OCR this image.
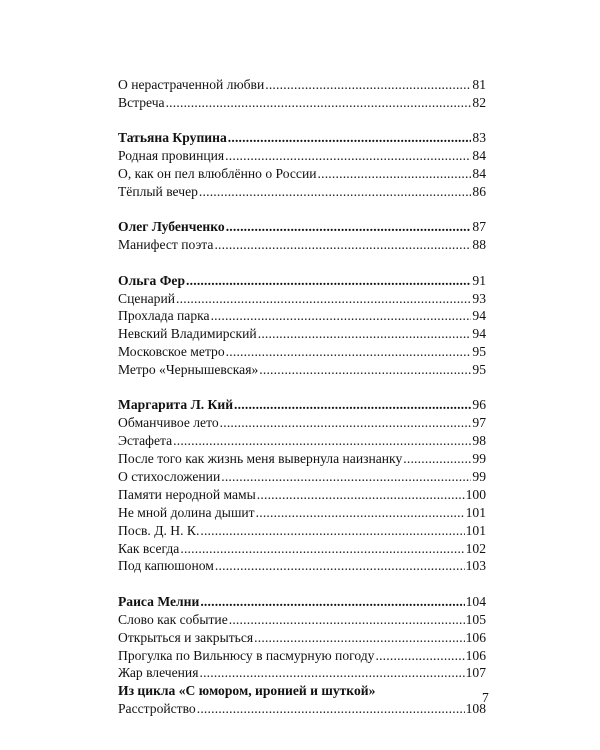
О нерастраченной любви .....	81
Встреча .....	82
Татьяна Крупина .....	83
Родная провинция .....	84
О, как он пел влюблённо о России .....	84
Тёплый вечер .....	86
Олег Лубенченко .....	87
Манифест поэта .....	88
Ольга Фер .....	91
Сценарий .....	93
Прохлада парка .....	94
Невский Владимирский .....	94
Московское метро .....	95
Метро «Чернышевская» .....	95
Маргарита Л. Кий .....	96
Обманчивое лето .....	97
Эстафета .....	98
После того как жизнь меня вывернула наизнанку .....	99
О стихосложении .....	99
Памяти неродной мамы .....	100
Не мной долина дышит .....	101
Посв. Д. Н. К. .....	101
Как всегда .....	102
Под капюшоном .....	103
Раиса Мелни .....	104
Слово как событие .....	105
Открыться и закрыться .....	106
Прогулка по Вильнюсу в пасмурную погоду .....	106
Жар влечения .....	107
Из цикла «С юмором, иронией и шуткой»
Расстройство .....	108
7
